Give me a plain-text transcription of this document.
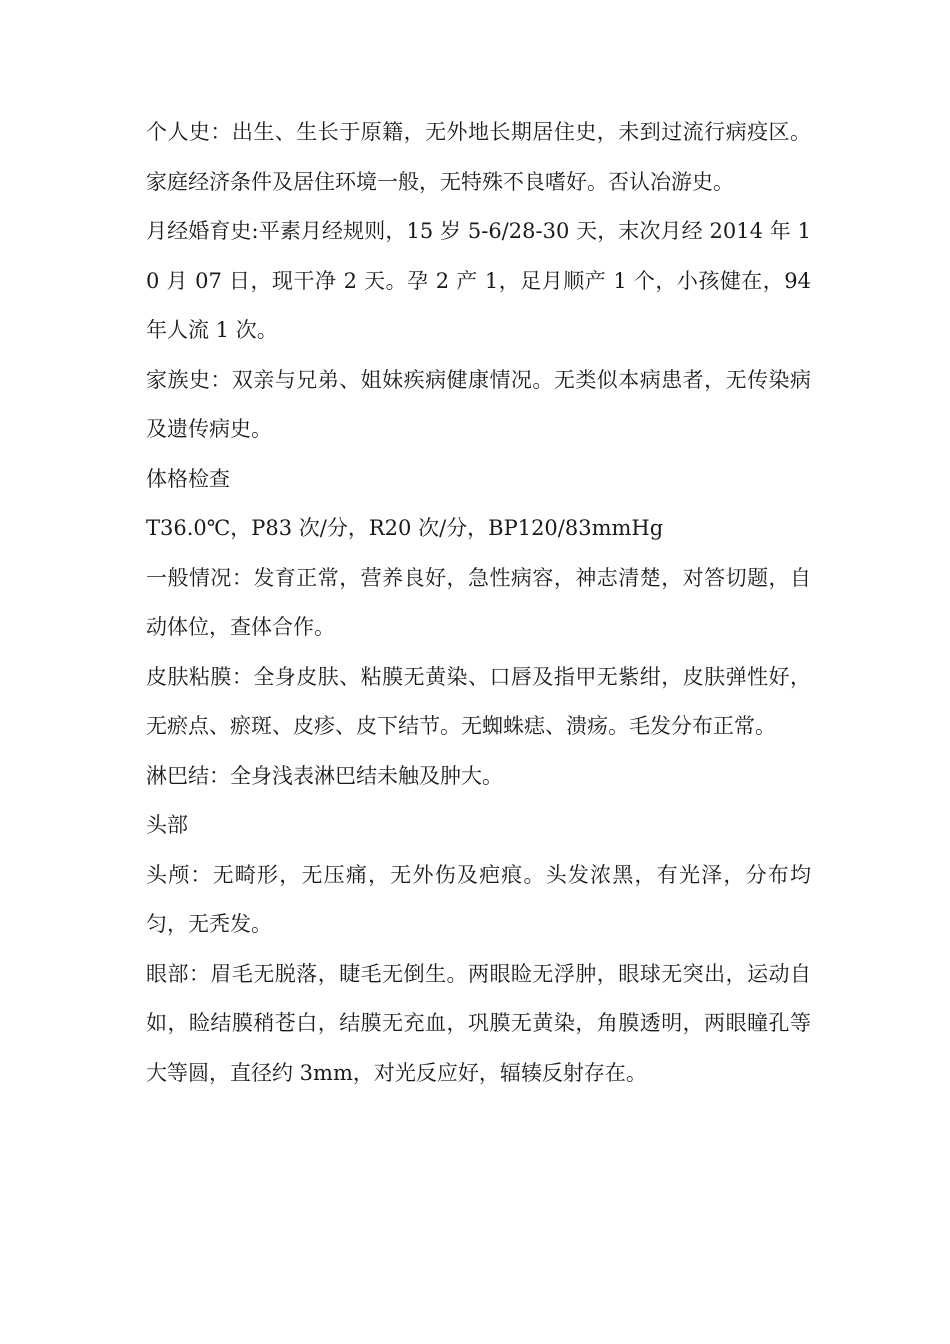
个人史：出生、生长于原籍，无外地长期居住史，未到过流行病疫区。家庭经济条件及居住环境一般，无特殊不良嗜好。否认冶游史。

月经婚育史:平素月经规则，15 岁 5-6/28-30 天，末次月经 2014 年 10 月 07 日，现干净 2 天。孕 2 产 1，足月顺产 1 个，小孩健在，94 年人流 1 次。

家族史：双亲与兄弟、姐妹疾病健康情况。无类似本病患者，无传染病及遗传病史。

体格检查

T36.0℃，P83 次/分，R20 次/分，BP120/83mmHg

一般情况：发育正常，营养良好，急性病容，神志清楚，对答切题，自动体位，查体合作。

皮肤粘膜：全身皮肤、粘膜无黄染、口唇及指甲无紫绀，皮肤弹性好，无瘀点、瘀斑、皮疹、皮下结节。无蜘蛛痣、溃疡。毛发分布正常。

淋巴结：全身浅表淋巴结未触及肿大。

头部

头颅：无畸形，无压痛，无外伤及疤痕。头发浓黑，有光泽，分布均匀，无秃发。

眼部：眉毛无脱落，睫毛无倒生。两眼睑无浮肿，眼球无突出，运动自如，睑结膜稍苍白，结膜无充血，巩膜无黄染，角膜透明，两眼瞳孔等大等圆，直径约 3mm，对光反应好，辐辏反射存在。
